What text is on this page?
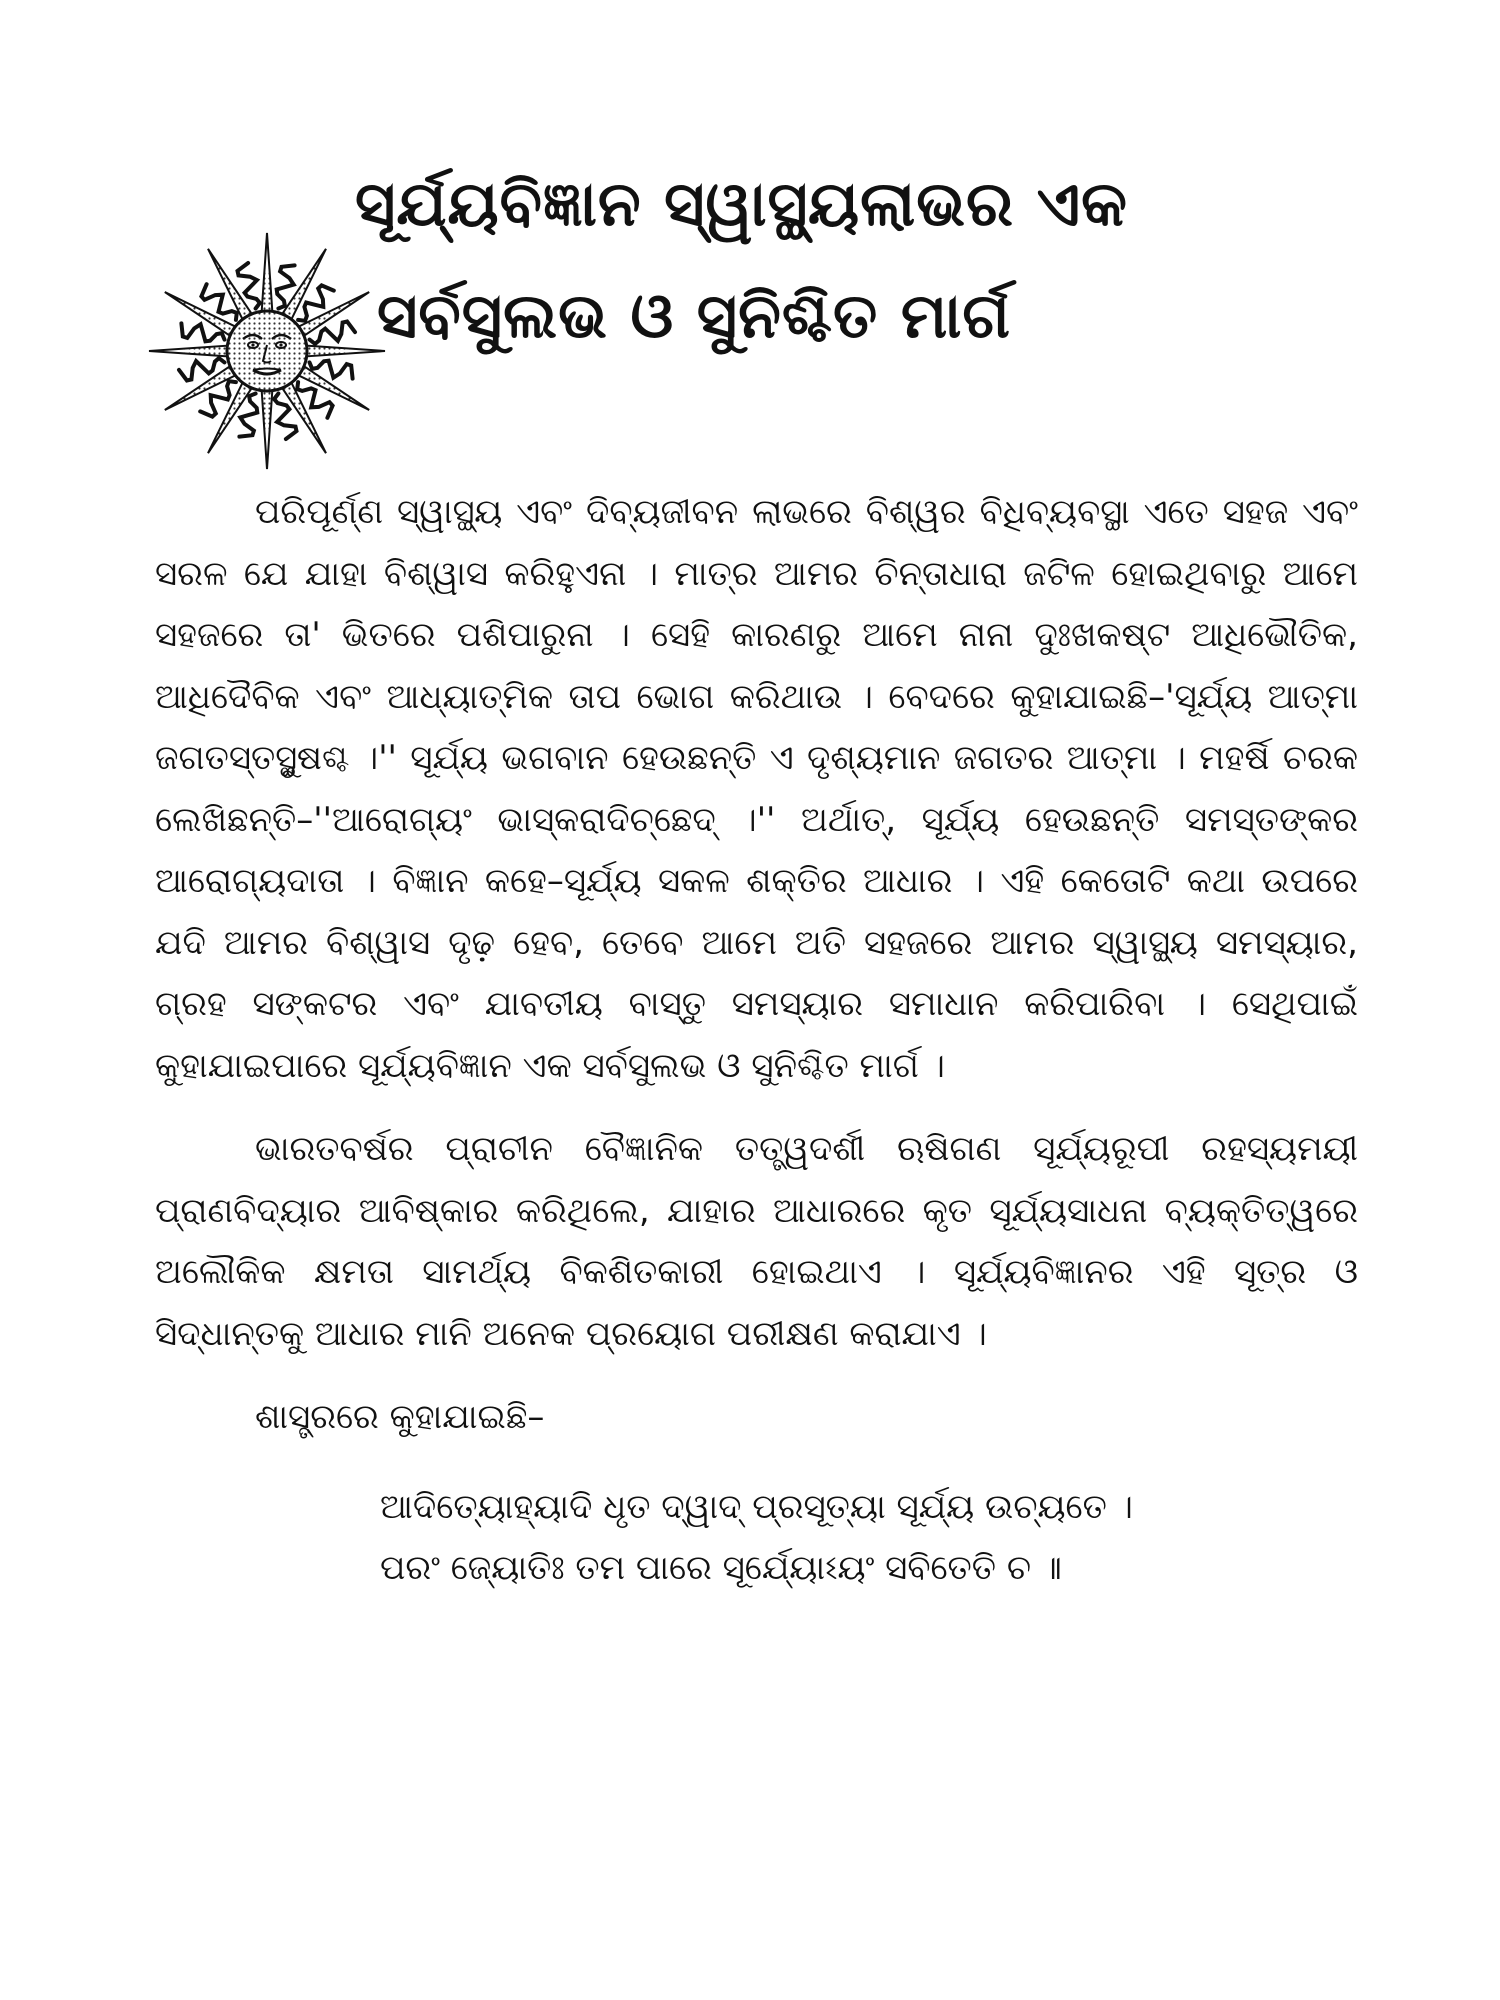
ସୂର୍ଯ୍ୟବିଜ୍ଞାନ ସ୍ୱାସ୍ଥ୍ୟଲାଭର ଏକ
ସର୍ବସୁଲଭ ଓ ସୁନିଶ୍ଚିତ ମାର୍ଗ

ପରିପୂର୍ଣ୍ଣ ସ୍ୱାସ୍ଥ୍ୟ ଏବଂ ଦିବ୍ୟଜୀବନ ଲାଭରେ ବିଶ୍ୱର ବିଧିବ୍ୟବସ୍ଥା ଏତେ ସହଜ ଏବଂ ସରଳ ଯେ ଯାହା ବିଶ୍ୱାସ କରିହୁଏନା । ମାତ୍ର ଆମର ଚିନ୍ତାଧାରା ଜଟିଳ ହୋଇଥିବାରୁ ଆମେ ସହଜରେ ତା' ଭିତରେ ପଶିପାରୁନା । ସେହି କାରଣରୁ ଆମେ ନାନା ଦୁଃଖକଷ୍ଟ ଆଧିଭୌତିକ, ଆଧିଦୈବିକ ଏବଂ ଆଧ୍ୟାତ୍ମିକ ତାପ ଭୋଗ କରିଥାଉ । ବେଦରେ କୁହାଯାଇଛି–'ସୂର୍ଯ୍ୟ ଆତ୍ମା ଜଗତସ୍ତସ୍ଥୁଷଶ୍ଚ ।'' ସୂର୍ଯ୍ୟ ଭଗବାନ ହେଉଛନ୍ତି ଏ ଦୃଶ୍ୟମାନ ଜଗତର ଆତ୍ମା । ମହର୍ଷି ଚରକ ଲେଖିଛନ୍ତି–''ଆରୋଗ୍ୟଂ ଭାସ୍କରାଦିଚ୍ଛେଦ୍ ।'' ଅର୍ଥାତ୍, ସୂର୍ଯ୍ୟ ହେଉଛନ୍ତି ସମସ୍ତଙ୍କର ଆରୋଗ୍ୟଦାତା । ବିଜ୍ଞାନ କହେ–ସୂର୍ଯ୍ୟ ସକଳ ଶକ୍ତିର ଆଧାର । ଏହି କେତୋଟି କଥା ଉପରେ ଯଦି ଆମର ବିଶ୍ୱାସ ଦୃଢ଼ ହେବ, ତେବେ ଆମେ ଅତି ସହଜରେ ଆମର ସ୍ୱାସ୍ଥ୍ୟ ସମସ୍ୟାର, ଗ୍ରହ ସଙ୍କଟର ଏବଂ ଯାବତୀୟ ବାସ୍ତୁ ସମସ୍ୟାର ସମାଧାନ କରିପାରିବା । ସେଥିପାଇଁ କୁହାଯାଇପାରେ ସୂର୍ଯ୍ୟବିଜ୍ଞାନ ଏକ ସର୍ବସୁଲଭ ଓ ସୁନିଶ୍ଚିତ ମାର୍ଗ ।

ଭାରତବର୍ଷର ପ୍ରାଚୀନ ବୈଜ୍ଞାନିକ ତତ୍ତ୍ୱଦର୍ଶୀ ଋଷିଗଣ ସୂର୍ଯ୍ୟରୂପୀ ରହସ୍ୟମୟୀ ପ୍ରାଣବିଦ୍ୟାର ଆବିଷ୍କାର କରିଥିଲେ, ଯାହାର ଆଧାରରେ କୃତ ସୂର୍ଯ୍ୟସାଧନା ବ୍ୟକ୍ତିତ୍ୱରେ ଅଲୌକିକ କ୍ଷମତା ସାମର୍ଥ୍ୟ ବିକଶିତକାରୀ ହୋଇଥାଏ । ସୂର୍ଯ୍ୟବିଜ୍ଞାନର ଏହି ସୂତ୍ର ଓ ସିଦ୍ଧାନ୍ତକୁ ଆଧାର ମାନି ଅନେକ ପ୍ରୟୋଗ ପରୀକ୍ଷଣ କରାଯାଏ ।

ଶାସ୍ତ୍ରରେ କୁହାଯାଇଛି–
ଆଦିତ୍ୟୋହ୍ୟାଦି ଧୃତ ଦ୍ୱାଦ୍ ପ୍ରସୂତ୍ୟା ସୂର୍ଯ୍ୟ ଉଚ୍ୟତେ ।
ପରଂ ଜ୍ୟୋତିଃ ତମ ପାରେ ସୂର୍ଯ୍ୟୋଽୟଂ ସବିତେତି ଚ ॥
